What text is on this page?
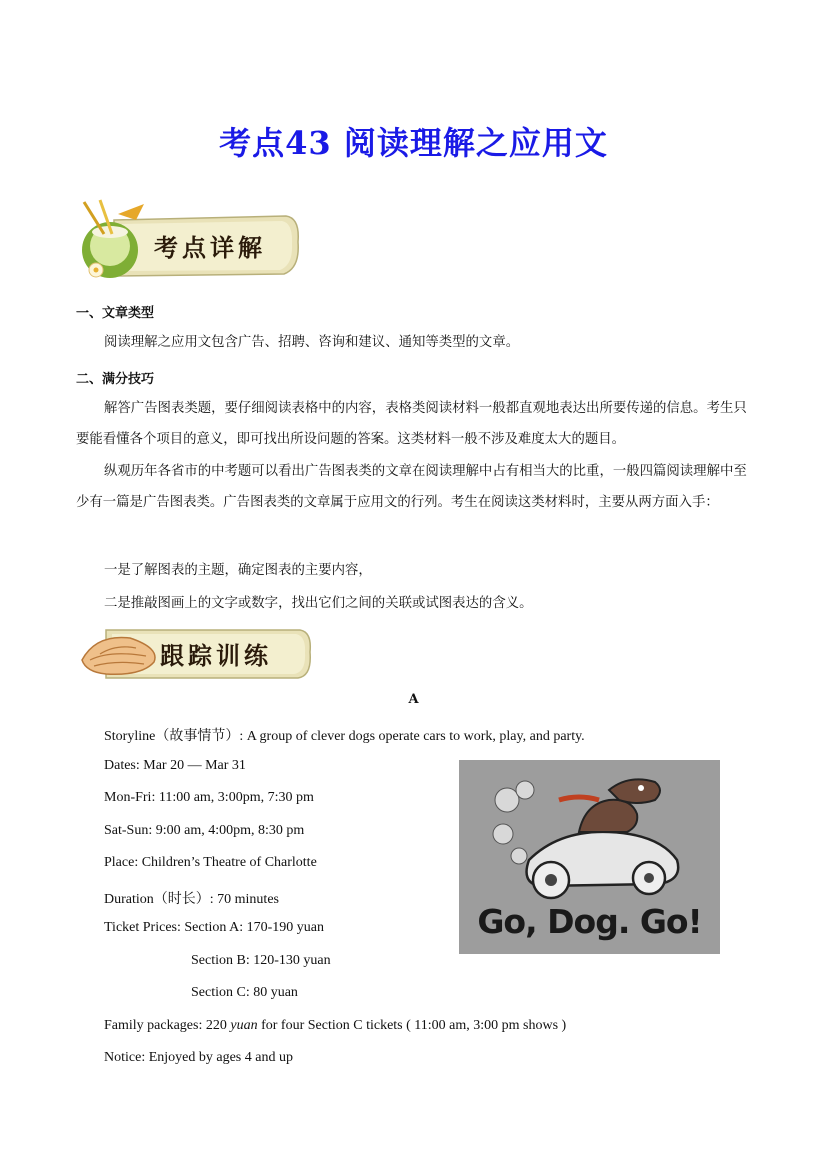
考点43 阅读理解之应用文
考点详解
一、文章类型
阅读理解之应用文包含广告、招聘、咨询和建议、通知等类型的文章。
二、满分技巧
解答广告图表类题，要仔细阅读表格中的内容，表格类阅读材料一般都直观地表达出所要传递的信息。考生只要能看懂各个项目的意义，即可找出所设问题的答案。这类材料一般不涉及难度太大的题目。
纵观历年各省市的中考题可以看出广告图表类的文章在阅读理解中占有相当大的比重，一般四篇阅读理解中至少有一篇是广告图表类。广告图表类的文章属于应用文的行列。考生在阅读这类材料时，主要从两方面入手：
一是了解图表的主题，确定图表的主要内容，
二是推敲图画上的文字或数字，找出它们之间的关联或试图表达的含义。
跟踪训练
A
Storyline（故事情节）: A group of clever dogs operate cars to work, play, and party.
Dates: Mar 20 — Mar 31
Mon-Fri: 11:00 am, 3:00pm, 7:30 pm
Sat-Sun: 9:00 am, 4:00pm, 8:30 pm
Place: Children’s Theatre of Charlotte
Duration（时长）: 70 minutes
Ticket Prices: Section A: 170-190 yuan
Section B: 120-130 yuan
Section C: 80 yuan
Family packages: 220 yuan for four Section C tickets ( 11:00 am, 3:00 pm shows )
Notice: Enjoyed by ages 4 and up
Go, Dog. Go!
